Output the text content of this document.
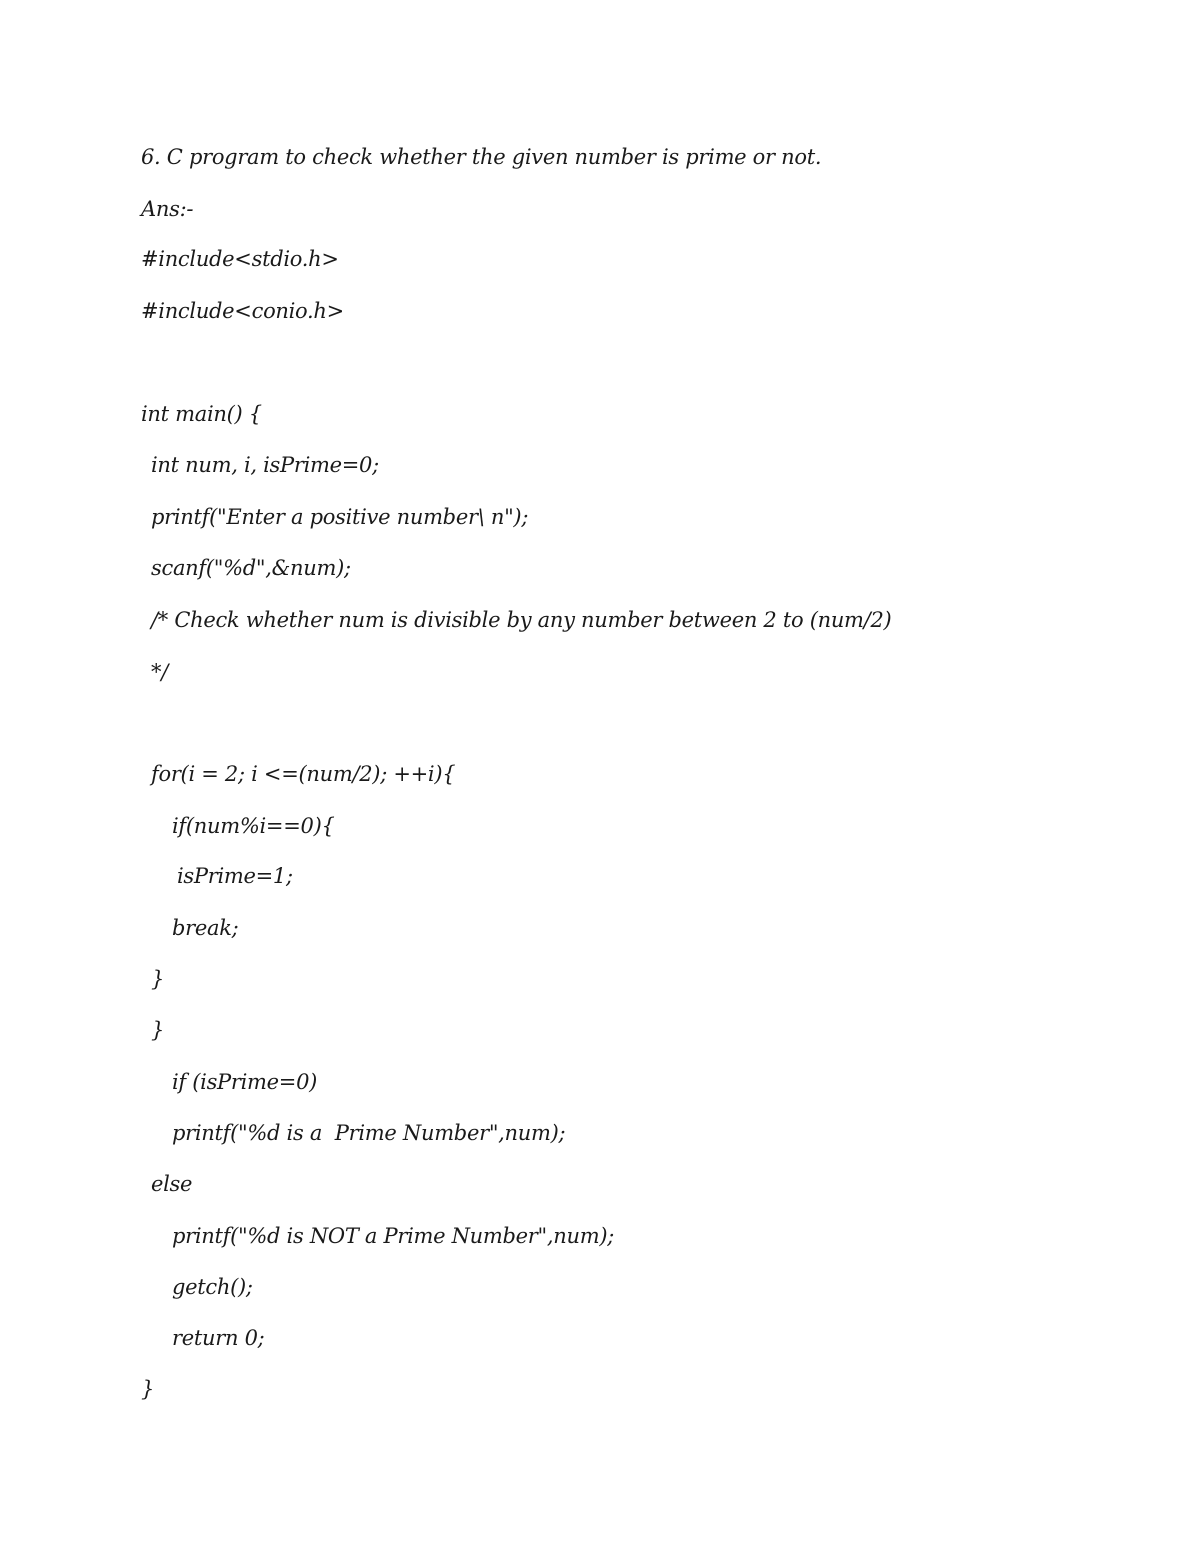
6. C program to check whether the given number is prime or not.
Ans:-
#include<stdio.h>
#include<conio.h>
int main() {
int num, i, isPrime=0;
printf("Enter a positive number\ n");
scanf("%d",&num);
/* Check whether num is divisible by any number between 2 to (num/2)
*/
for(i = 2; i <=(num/2); ++i){
if(num%i==0){
isPrime=1;
break;
}
}
if (isPrime=0)
printf("%d is a  Prime Number",num);
else
printf("%d is NOT a Prime Number",num);
getch();
return 0;
}
